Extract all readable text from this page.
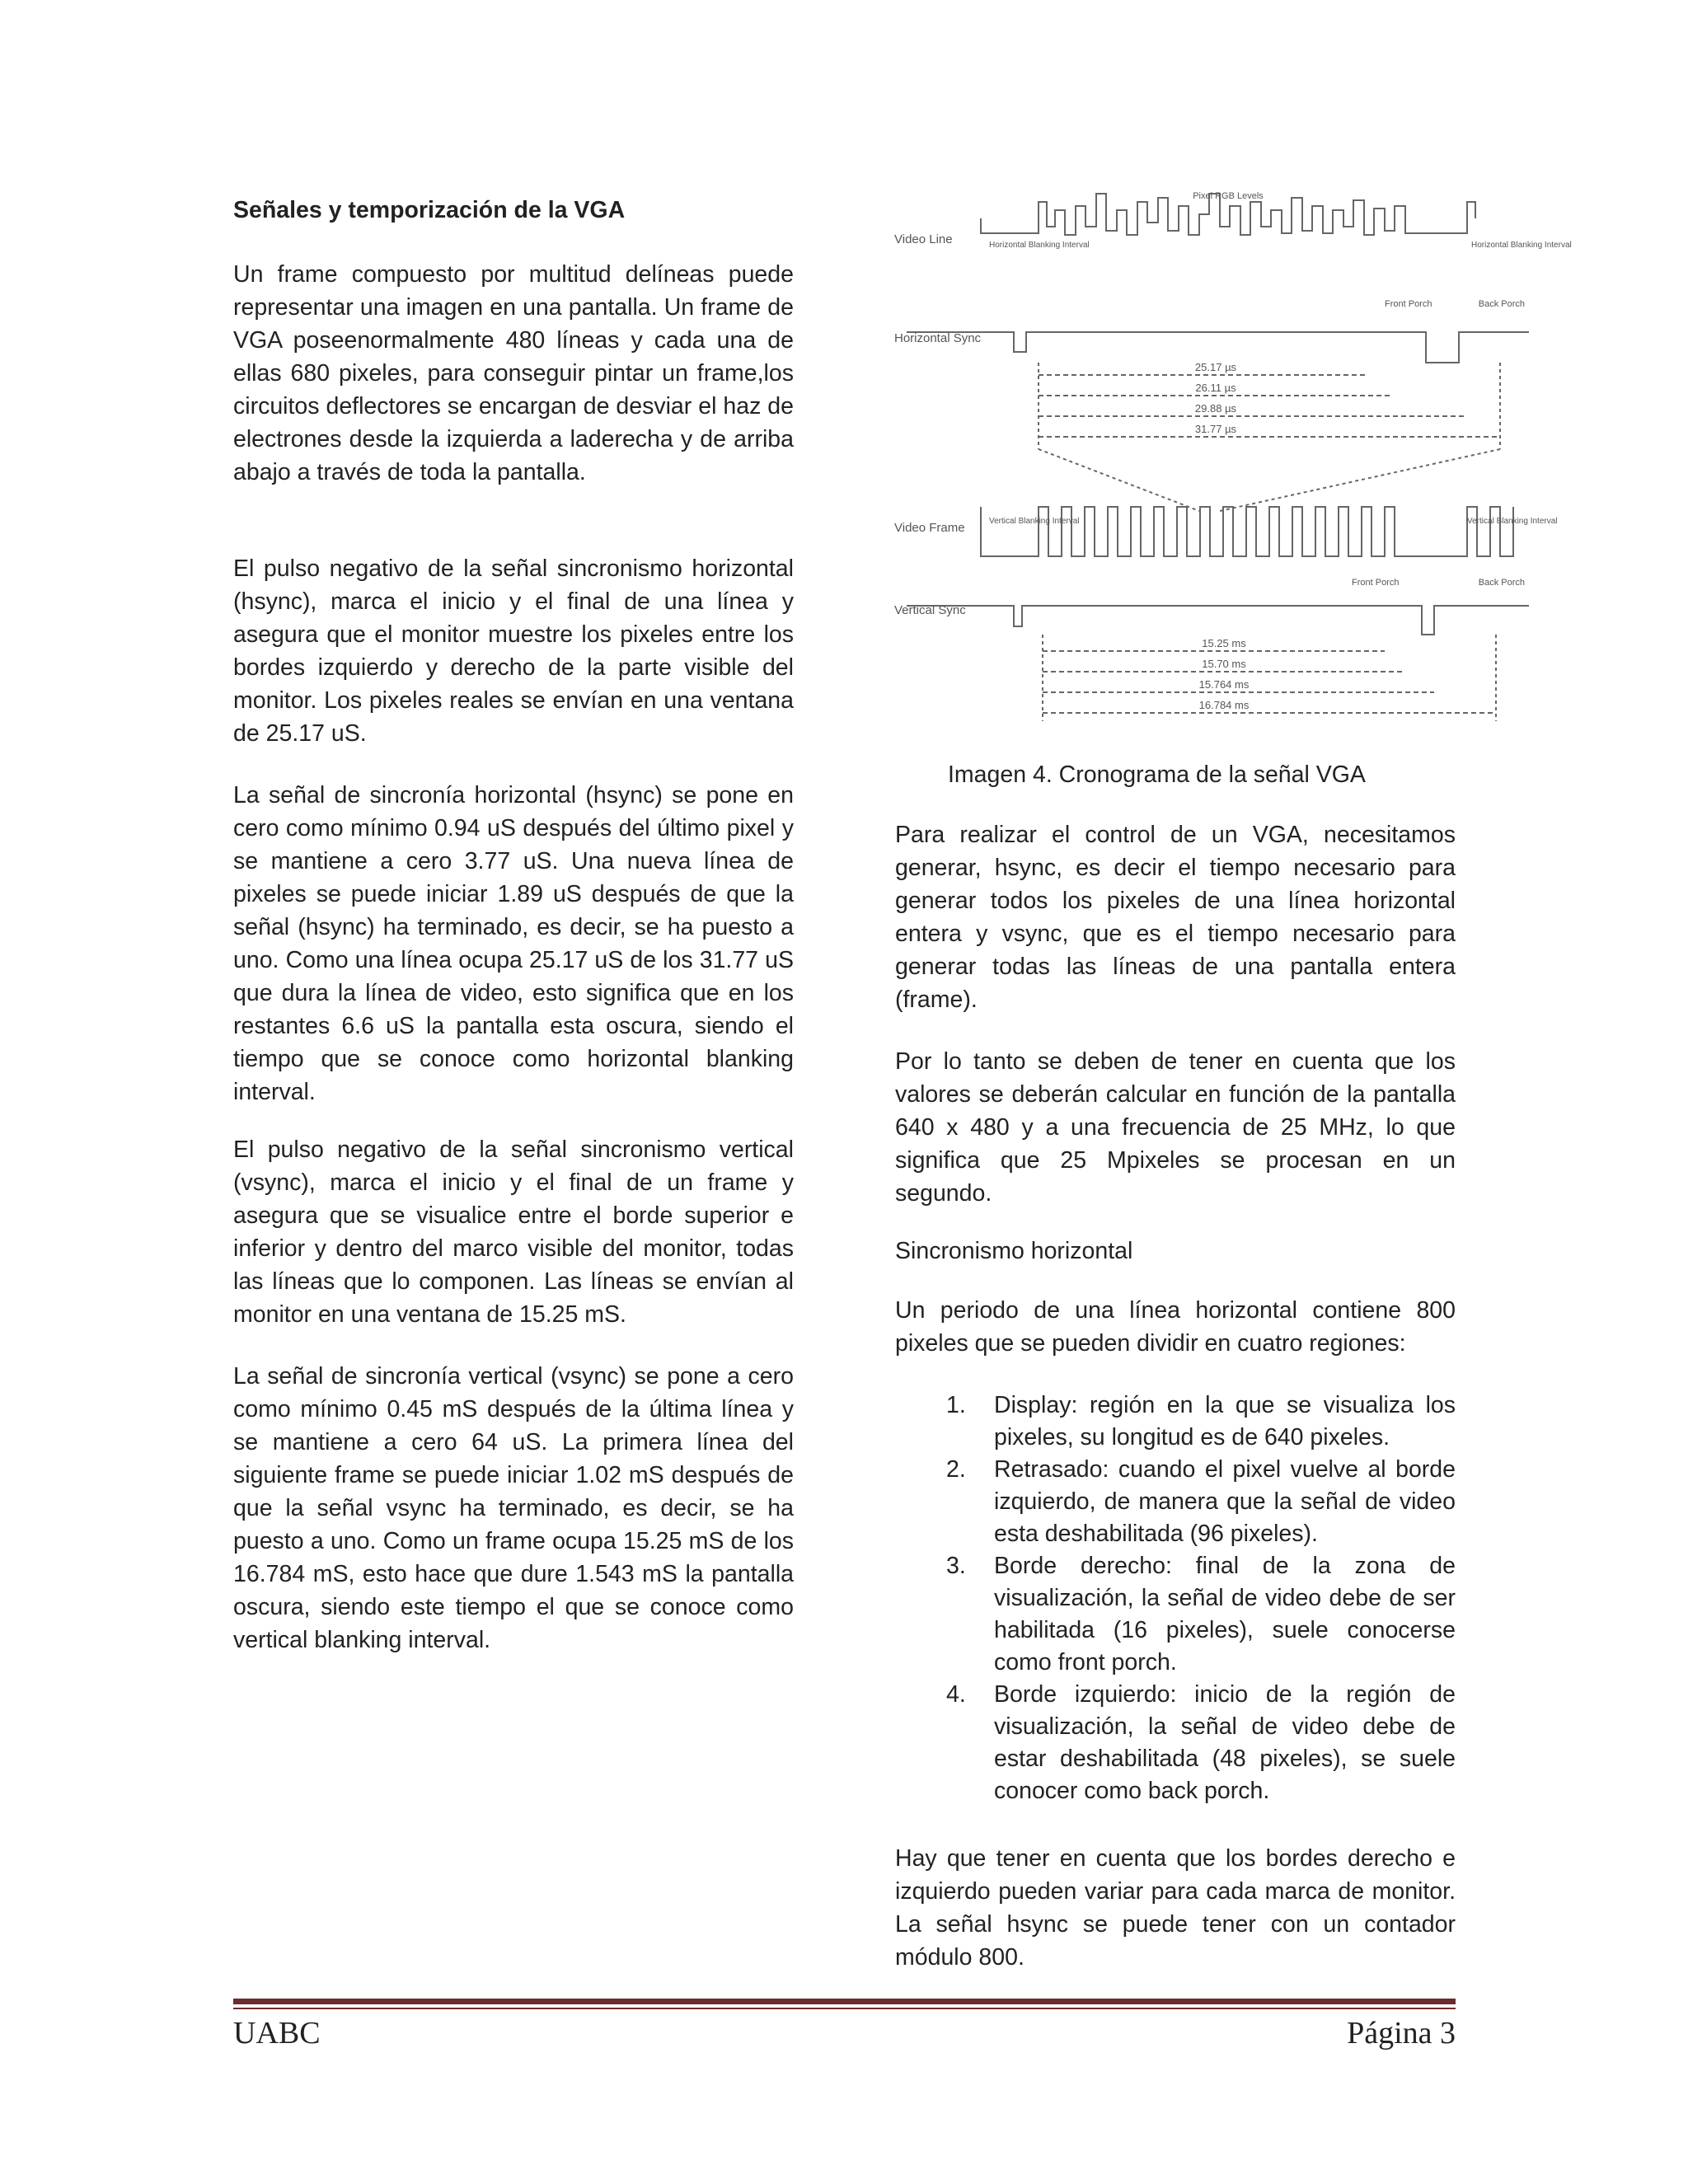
Señales y temporización de la VGA

Un frame compuesto por multitud delíneas puede representar una imagen en una pantalla. Un frame de VGA poseenormalmente 480 líneas y cada una de ellas 680 pixeles, para conseguir pintar un frame,los circuitos deflectores se encargan de desviar el haz de electrones desde la izquierda a laderecha y de arriba abajo a través de toda la pantalla.

El pulso negativo de la señal sincronismo horizontal (hsync), marca el inicio y el final de una línea y asegura que el monitor muestre los pixeles entre los bordes izquierdo y derecho de la parte visible del monitor. Los pixeles reales se envían en una ventana de 25.17 uS.

La señal de sincronía horizontal (hsync) se pone en cero como mínimo 0.94 uS después del último pixel y se mantiene a cero 3.77 uS. Una nueva línea de pixeles se puede iniciar 1.89 uS después de que la señal (hsync) ha terminado, es decir, se ha puesto a uno. Como una línea ocupa 25.17 uS de los 31.77 uS que dura la línea de video, esto significa que en los restantes 6.6 uS la pantalla esta oscura, siendo el tiempo que se conoce como horizontal blanking interval.

El pulso negativo de la señal sincronismo vertical (vsync), marca el inicio y el final de un frame y asegura que se visualice entre el borde superior e inferior y dentro del marco visible del monitor, todas las líneas que lo componen. Las líneas se envían al monitor en una ventana de 15.25 mS.

La señal de sincronía vertical (vsync) se pone a cero como mínimo 0.45 mS después de la última línea y se mantiene a cero 64 uS. La primera línea del siguiente frame se puede iniciar 1.02 mS después de que la señal vsync ha terminado, es decir, se ha puesto a uno. Como un frame ocupa 15.25 mS de los 16.784 mS, esto hace que dure 1.543 mS la pantalla oscura, siendo este tiempo el que se conoce como vertical blanking interval.

Pixel RGB Levels
Video Line	Horizontal Blanking Interval	Horizontal Blanking Interval
Front Porch	Back Porch
Horizontal Sync
25.17 µs
26.11 µs
29.88 µs
31.77 µs
Video Frame	Vertical Blanking Interval	Vertical Blanking Interval
Front Porch	Back Porch
Vertical Sync
15.25 ms
15.70 ms
15.764 ms
16.784 ms
Imagen 4. Cronograma de la señal VGA

Para realizar el control de un VGA, necesitamos generar, hsync, es decir el tiempo necesario para generar todos los pixeles de una línea horizontal entera y vsync, que es el tiempo necesario para generar todas las líneas de una pantalla entera (frame).

Por lo tanto se deben de tener en cuenta que los valores se deberán calcular en función de la pantalla 640 x 480 y a una frecuencia de 25 MHz, lo que significa que 25 Mpixeles se procesan en un segundo.

Sincronismo horizontal

Un periodo de una línea horizontal contiene 800 pixeles que se pueden dividir en cuatro regiones:

1. Display: región en la que se visualiza los pixeles, su longitud es de 640 pixeles.
2. Retrasado: cuando el pixel vuelve al borde izquierdo, de manera que la señal de video esta deshabilitada (96 pixeles).
3. Borde derecho: final de la zona de visualización, la señal de video debe de ser habilitada (16 pixeles), suele conocerse como front porch.
4. Borde izquierdo: inicio de la región de visualización, la señal de video debe de estar deshabilitada (48 pixeles), se suele conocer como back porch.

Hay que tener en cuenta que los bordes derecho e izquierdo pueden variar para cada marca de monitor. La señal hsync se puede tener con un contador módulo 800.

UABC	Página 3
